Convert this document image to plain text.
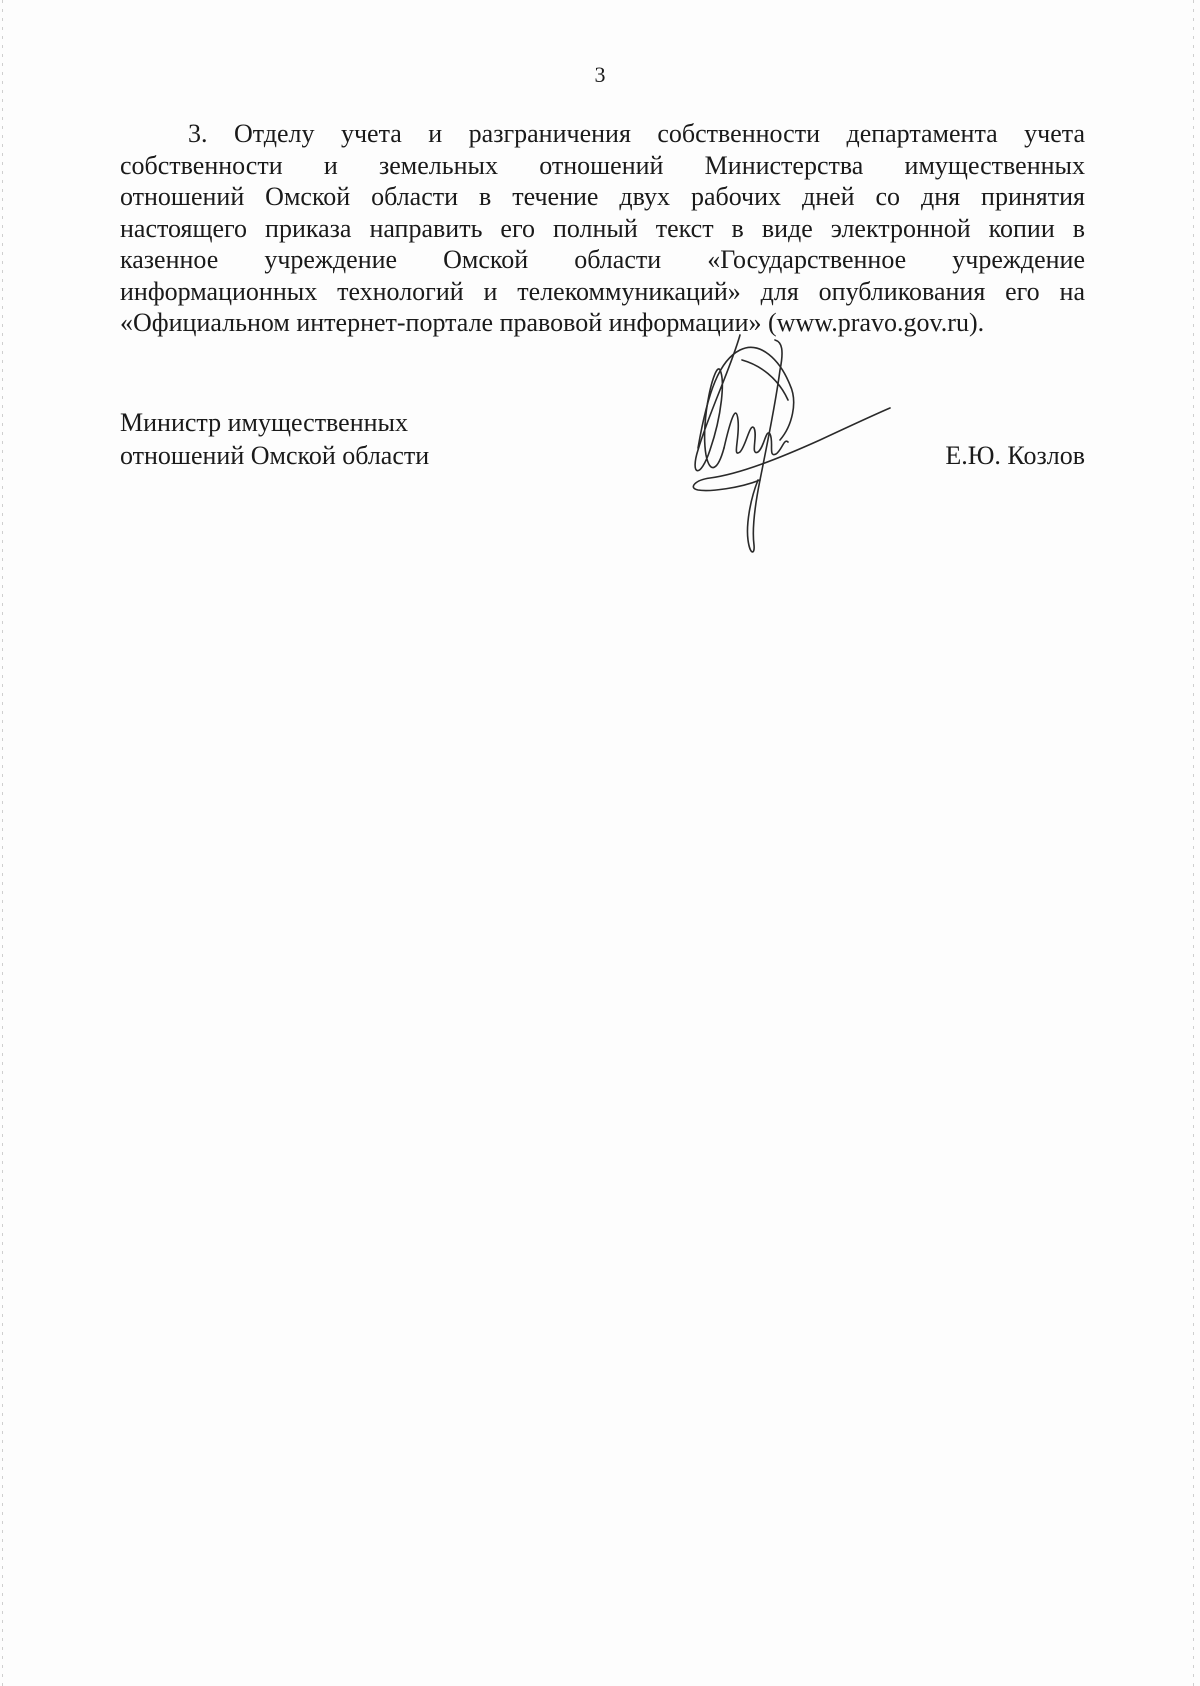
3

3. Отделу учета и разграничения собственности департамента учета
собственности и земельных отношений Министерства имущественных
отношений Омской области в течение двух рабочих дней со дня принятия
настоящего приказа направить его полный текст в виде электронной копии в
казенное учреждение Омской области «Государственное учреждение
информационных технологий и телекоммуникаций» для опубликования его на
«Официальном интернет-портале правовой информации» (www.pravo.gov.ru).

Министр имущественных
отношений Омской области	Е.Ю. Козлов
